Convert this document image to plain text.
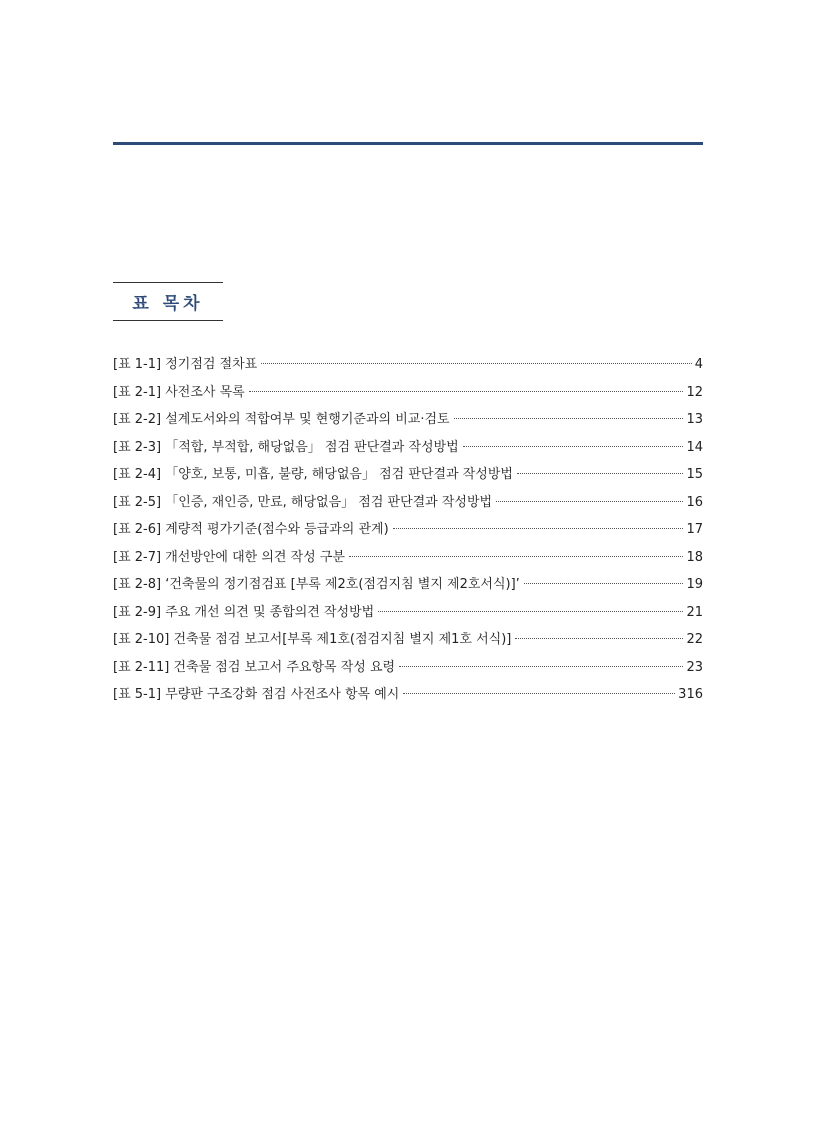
표 목차
[표 1-1] 정기점검 절차표	4
[표 2-1] 사전조사 목록	12
[표 2-2] 설계도서와의 적합여부 및 현행기준과의 비교·검토	13
[표 2-3] 「적합, 부적합, 해당없음」 점검 판단결과 작성방법	14
[표 2-4] 「양호, 보통, 미흡, 불량, 해당없음」 점검 판단결과 작성방법	15
[표 2-5] 「인증, 재인증, 만료, 해당없음」 점검 판단결과 작성방법	16
[표 2-6] 계량적 평가기준(점수와 등급과의 관계)	17
[표 2-7] 개선방안에 대한 의견 작성 구분	18
[표 2-8] ‘건축물의 정기점검표 [부록 제2호(점검지침 별지 제2호서식)]’	19
[표 2-9] 주요 개선 의견 및 종합의견 작성방법	21
[표 2-10] 건축물 점검 보고서[부록 제1호(점검지침 별지 제1호 서식)]	22
[표 2-11] 건축물 점검 보고서 주요항목 작성 요령	23
[표 5-1] 무량판 구조강화 점검 사전조사 항목 예시	316
